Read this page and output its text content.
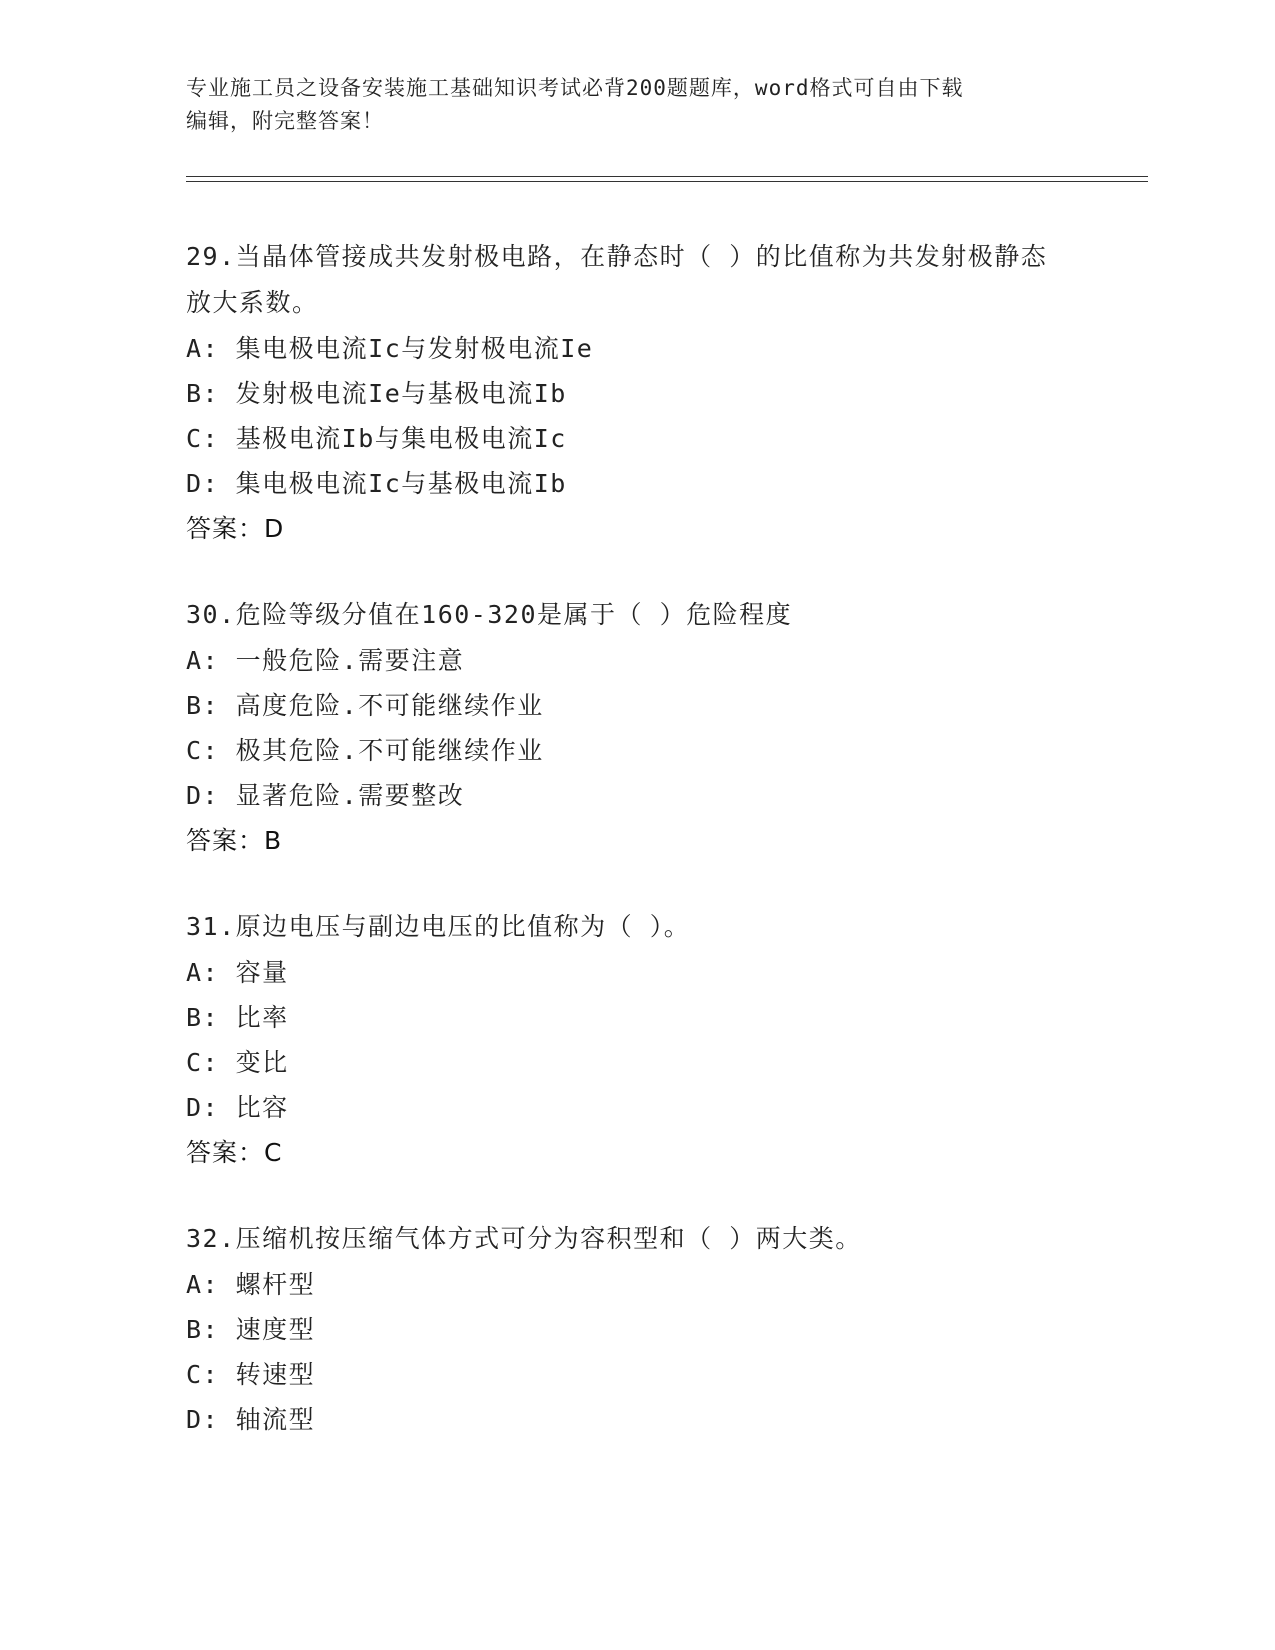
专业施工员之设备安装施工基础知识考试必背200题题库，word格式可自由下载
编辑，附完整答案！
29.当晶体管接成共发射极电路，在静态时（ ）的比值称为共发射极静态放大系数。
A: 集电极电流Ic与发射极电流Ie
B: 发射极电流Ie与基极电流Ib
C: 基极电流Ib与集电极电流Ic
D: 集电极电流Ic与基极电流Ib
答案：D
30.危险等级分值在160-320是属于（ ）危险程度
A: 一般危险.需要注意
B: 高度危险.不可能继续作业
C: 极其危险.不可能继续作业
D: 显著危险.需要整改
答案：B
31.原边电压与副边电压的比值称为（ ）。
A: 容量
B: 比率
C: 变比
D: 比容
答案：C
32.压缩机按压缩气体方式可分为容积型和（ ）两大类。
A: 螺杆型
B: 速度型
C: 转速型
D: 轴流型
